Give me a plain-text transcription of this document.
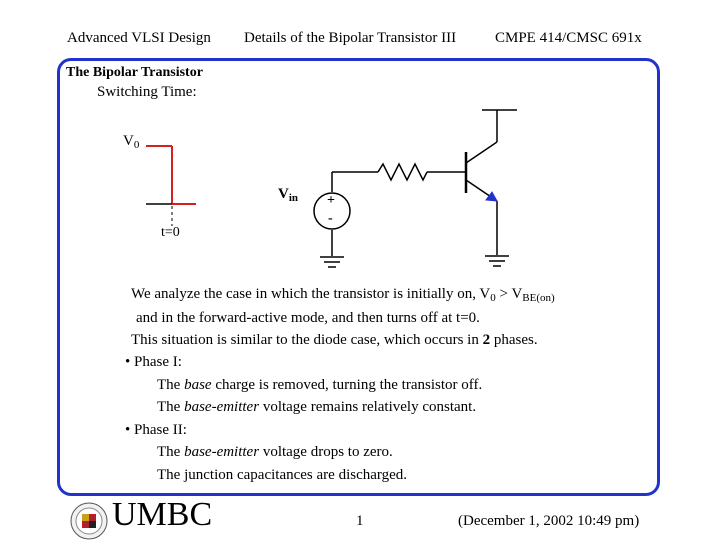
Advanced VLSI Design Details of the Bipolar Transistor III	CMPE 414/CMSC 691x
The Bipolar Transistor
Switching Time:
$V_0$
t=0
$V_{in}$ +
-
We analyze the case in which the transistor is initially on, $V_0 > V_{BE(on)}$
and in the forward-active mode, and then turns off at t=0.
This situation is similar to the diode case, which occurs in 2 phases.
• Phase I:
The base charge is removed, turning the transistor off.
The base-emitter voltage remains relatively constant.
• Phase II:
The base-emitter voltage drops to zero.
The junction capacitances are discharged.
UMBC	1	(December 1, 2002 10:49 pm)
